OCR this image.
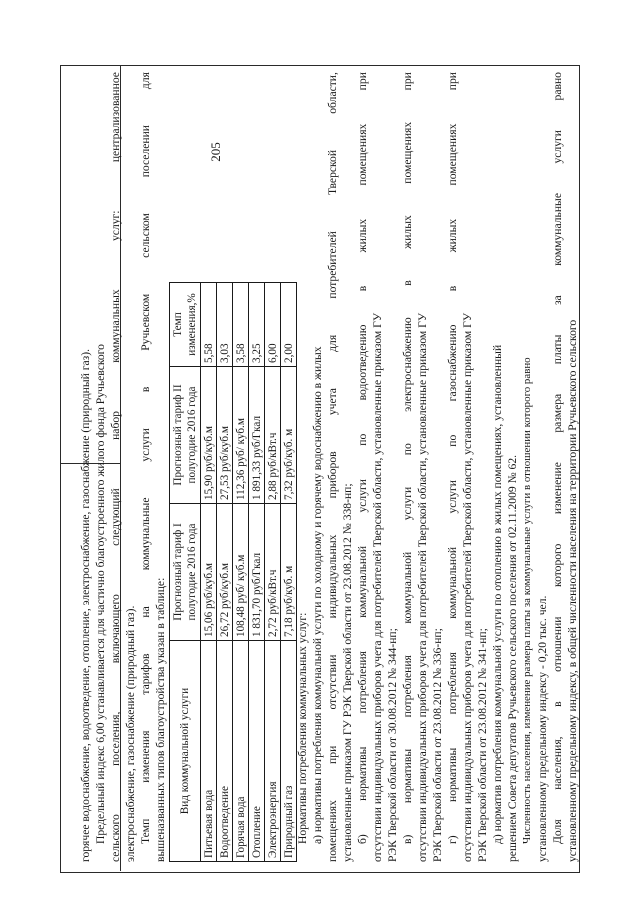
205
горячее водоснабжение, водоотведение, отопление, электроснабжение, газоснабжение (природный газ). Предельный индекс 6,00 устанавливается для частично благоустроенного жилого фонда Ручьевского сельского
поселения,
включающего
следующий
набор
коммунальных
услуг:
централизованное
электроснабжение, газоснабжение (природный газ). Темп
изменения
тарифов
на
коммунальные
услуги
в
Ручьевском
сельском
поселении
для
вышеназванных типов благоустройства указан в таблице: Вид коммунальной услуги	Прогнозный тариф I полугодие 2016 года	Прогнозный тариф II полугодие 2016 года	Темп изменения,%
Питьевая вода	15,06 руб/куб.м	15,90 руб/куб.м	5,58
Водоотведение	26,72 руб/куб.м	27,53 руб/куб.м	3,03
Горячая вода	108,48 руб/ куб.м	112,36 руб/ куб.м	3,58
Отопление	1 831,70 руб/Гкал	1 891,33 руб/Гкал	3,25
Электроэнергия	2,72 руб/кВт.ч	2,88 руб/кВт.ч	6,00
Природный газ	7,18 руб/куб. м	7,32 руб/куб. м	2,00
Нормативы потребления коммунальных услуг: а) нормативы потребления коммунальной услуги по холодному и горячему водоснабжению в жилых помещениях
при
отсутствии
индивидуальных
приборов
учета
для
потребителей
Тверской
области,
установленные приказом ГУ РЭК Тверской области от 23.08.2012 № 338-нп; б)
нормативы
потребления
коммунальной
услуги
по
водоотведению
в
жилых
помещениях
при
отсутствии индивидуальных приборов учета для потребителей Тверской области, установленные приказом ГУ РЭК Тверской области от 30.08.2012 № 344-нп; в)
нормативы
потребления
коммунальной
услуги
по
электроснабжению
в
жилых
помещениях
при
отсутствии индивидуальных приборов учета для потребителей Тверской области, установленные приказом ГУ РЭК Тверской области от 23.08.2012 № 336-нп; г)
нормативы
потребления
коммунальной
услуги
по
газоснабжению
в
жилых
помещениях
при
отсутствии индивидуальных приборов учета для потребителей Тверской области, установленные приказом ГУ РЭК Тверской области от 23.08.2012 № 341-нп; д) норматив потребления коммунальной услуги по отоплению в жилых помещениях, установленный решением Совета депутатов Ручьевского сельского поселения от 02.11.2009 № 62. Численность населения, изменение размера платы за коммунальные услуги в отношении которого равно установленному предельному индексу - 0,20 тыс. чел. Доля
населения,
в
отношении
которого
изменение
размера
платы
за
коммунальные
услуги
равно
установленному предельному индексу, в общей численности населения на территории Ручьевского сельского
